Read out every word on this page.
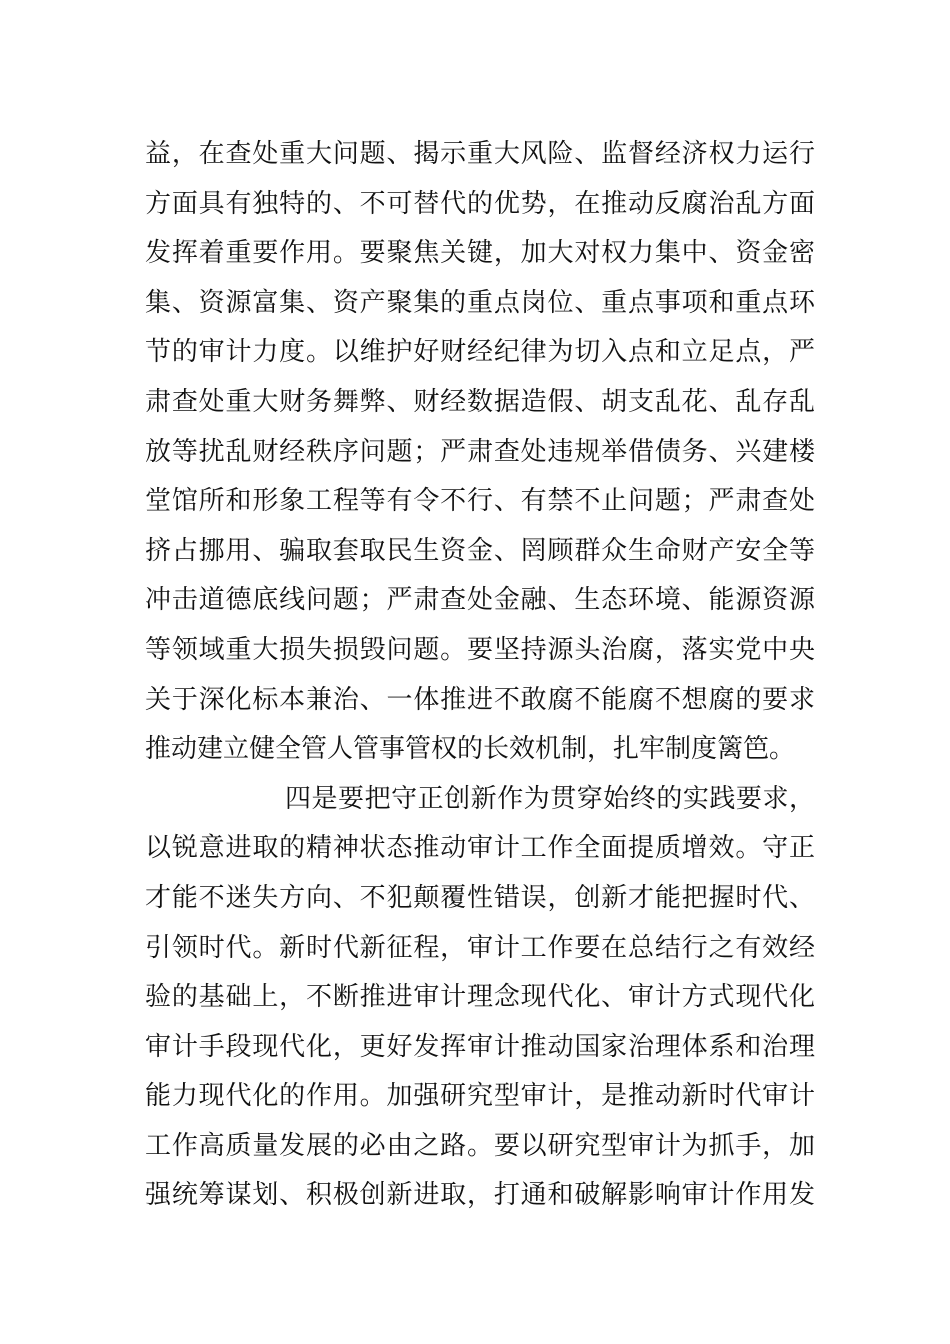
益，在查处重大问题、揭示重大风险、监督经济权力运行
方面具有独特的、不可替代的优势，在推动反腐治乱方面
发挥着重要作用。要聚焦关键，加大对权力集中、资金密
集、资源富集、资产聚集的重点岗位、重点事项和重点环
节的审计力度。以维护好财经纪律为切入点和立足点，严
肃查处重大财务舞弊、财经数据造假、胡支乱花、乱存乱
放等扰乱财经秩序问题；严肃查处违规举借债务、兴建楼
堂馆所和形象工程等有令不行、有禁不止问题；严肃查处
挤占挪用、骗取套取民生资金、罔顾群众生命财产安全等
冲击道德底线问题；严肃查处金融、生态环境、能源资源
等领域重大损失损毁问题。要坚持源头治腐，落实党中央
关于深化标本兼治、一体推进不敢腐不能腐不想腐的要求
推动建立健全管人管事管权的长效机制，扎牢制度篱笆。
四是要把守正创新作为贯穿始终的实践要求，
以锐意进取的精神状态推动审计工作全面提质增效。守正
才能不迷失方向、不犯颠覆性错误，创新才能把握时代、
引领时代。新时代新征程，审计工作要在总结行之有效经
验的基础上，不断推进审计理念现代化、审计方式现代化
审计手段现代化，更好发挥审计推动国家治理体系和治理
能力现代化的作用。加强研究型审计，是推动新时代审计
工作高质量发展的必由之路。要以研究型审计为抓手，加
强统筹谋划、积极创新进取，打通和破解影响审计作用发
